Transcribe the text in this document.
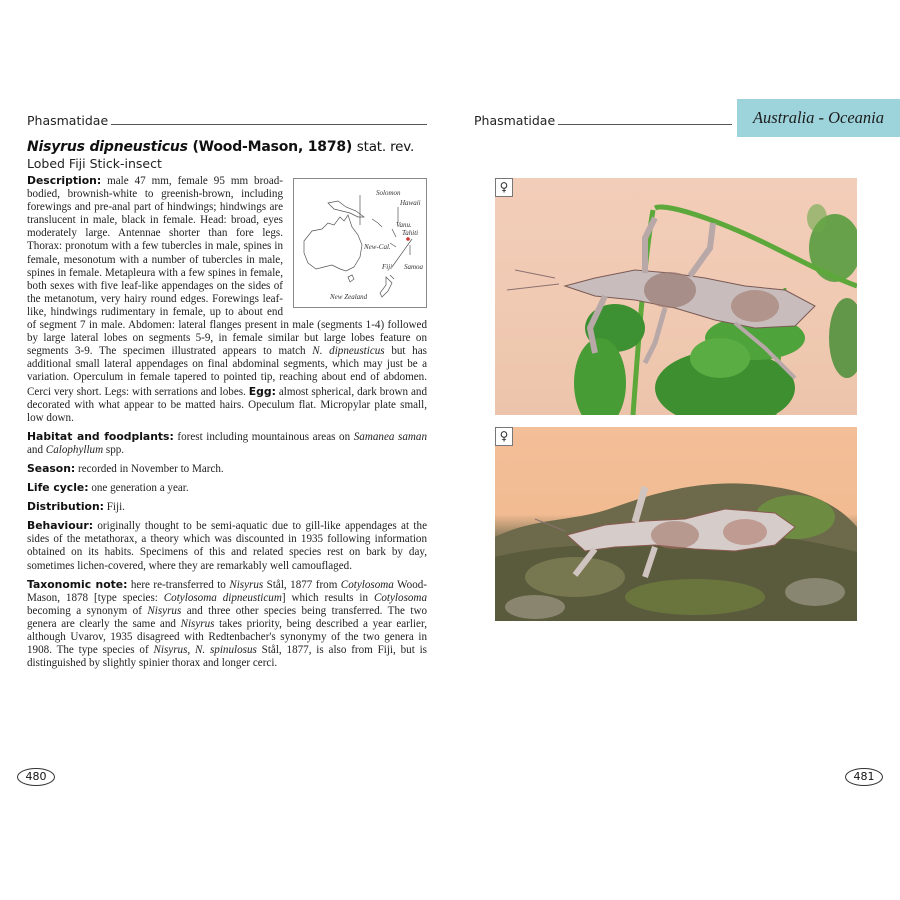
Phasmatidae
Nisyrus dipneusticus (Wood-Mason, 1878) stat. rev.
Lobed Fiji Stick-insect
Solomon
Hawaii
Vanu.
Tahiti
New-Cal.
Fiji Samoa
New Zealand

Description: male 47 mm, female 95 mm broad-bodied, brownish-white to greenish-brown, including forewings and pre-anal part of hindwings; hindwings are translucent in male, black in female. Head: broad, eyes moderately large. Antennae shorter than fore legs. Thorax: pronotum with a few tubercles in male, spines in female, mesonotum with a number of tubercles in male, spines in female. Metapleura with a few spines in female, both sexes with five leaf-like appendages on the sides of the metanotum, very hairy round edges. Forewings leaf-like, hindwings rudimentary in female, up to about end of segment 7 in male. Abdomen: lateral flanges present in male (segments 1-4) followed by large lateral lobes on segments 5-9, in female similar but large lobes feature on segments 3-9. The specimen illustrated appears to match N. dipneusticus but has additional small lateral appendages on final abdominal segments, which may just be a variation. Operculum in female tapered to pointed tip, reaching about end of abdomen. Cerci very short. Legs: with serrations and lobes. Egg: almost spherical, dark brown and decorated with what appear to be matted hairs. Opeculum flat. Micropylar plate small, low down.

Habitat and foodplants: forest including mountainous areas on Samanea saman and Calophyllum spp.

Season: recorded in November to March.

Life cycle: one generation a year.

Distribution: Fiji.

Behaviour: originally thought to be semi-aquatic due to gill-like appendages at the sides of the metathorax, a theory which was discounted in 1935 following information obtained on its habits. Specimens of this and related species rest on bark by day, sometimes lichen-covered, where they are remarkably well camouflaged.

Taxonomic note: here re-transferred to Nisyrus Stål, 1877 from Cotylosoma Wood-Mason, 1878 [type species: Cotylosoma dipneusticum] which results in Cotylosoma becoming a synonym of Nisyrus and three other species being transferred. The two genera are clearly the same and Nisyrus takes priority, being described a year earlier, although Uvarov, 1935 disagreed with Redtenbacher's synonymy of the two genera in 1908. The type species of Nisyrus, N. spinulosus Stål, 1877, is also from Fiji, but is distinguished by slightly spinier thorax and longer cerci.

480
Phasmatidae	Australia - Oceania
♀
♀
481
